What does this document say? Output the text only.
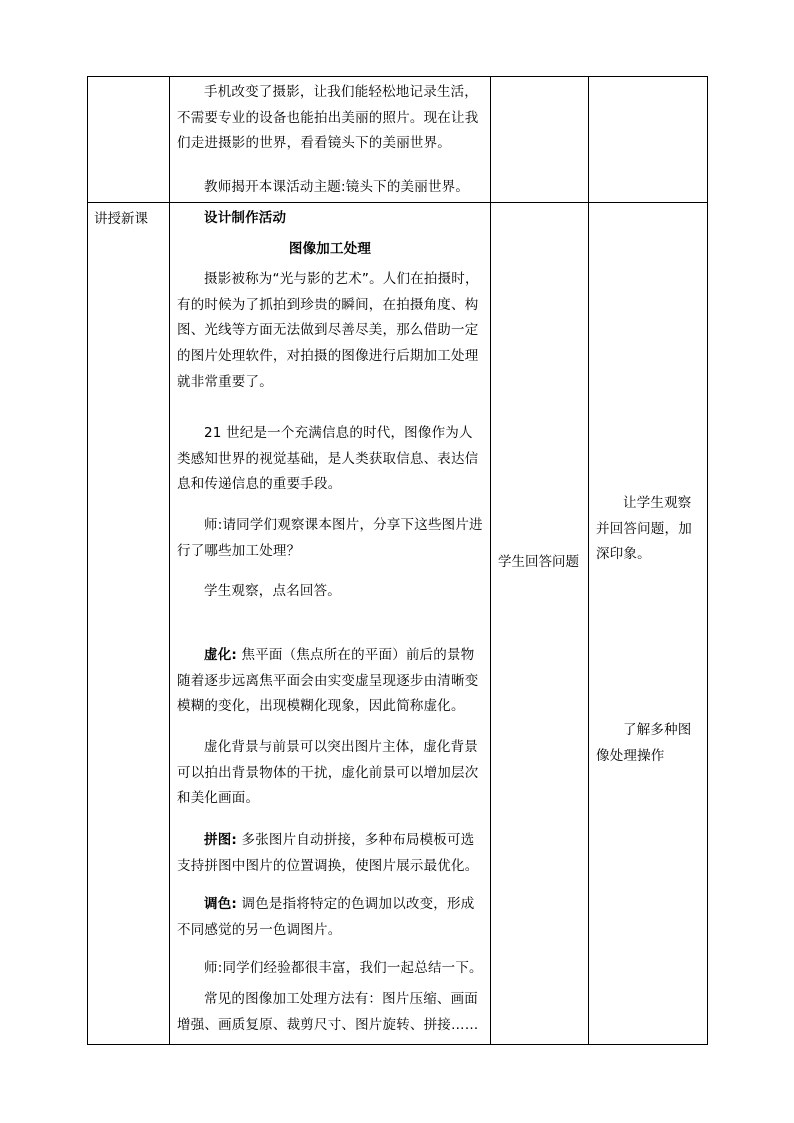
手机改变了摄影，让我们能轻松地记录生活，不需要专业的设备也能拍出美丽的照片。现在让我们走进摄影的世界，看看镜头下的美丽世界。
教师揭开本课活动主题:镜头下的美丽世界。
讲授新课	设计制作活动
图像加工处理
摄影被称为“光与影的艺术”。人们在拍摄时，有的时候为了抓拍到珍贵的瞬间，在拍摄角度、构图、光线等方面无法做到尽善尽美，那么借助一定的图片处理软件，对拍摄的图像进行后期加工处理就非常重要了。
21 世纪是一个充满信息的时代，图像作为人类感知世界的视觉基础，是人类获取信息、表达信息和传递信息的重要手段。
师:请同学们观察课本图片，分享下这些图片进行了哪些加工处理？
学生观察，点名回答。
虚化: 焦平面（焦点所在的平面）前后的景物随着逐步远离焦平面会由实变虚呈现逐步由清晰变模糊的变化，出现模糊化现象，因此简称虚化。
虚化背景与前景可以突出图片主体，虚化背景可以拍出背景物体的干扰，虚化前景可以增加层次和美化画面。
拼图: 多张图片自动拼接，多种布局模板可选支持拼图中图片的位置调换，使图片展示最优化。
调色: 调色是指将特定的色调加以改变，形成不同感觉的另一色调图片。
师:同学们经验都很丰富，我们一起总结一下。
常见的图像加工处理方法有：图片压缩、画面增强、画质复原、裁剪尺寸、图片旋转、拼接……
学生回答问题
让学生观察并回答问题，加深印象。
了解多种图像处理操作
